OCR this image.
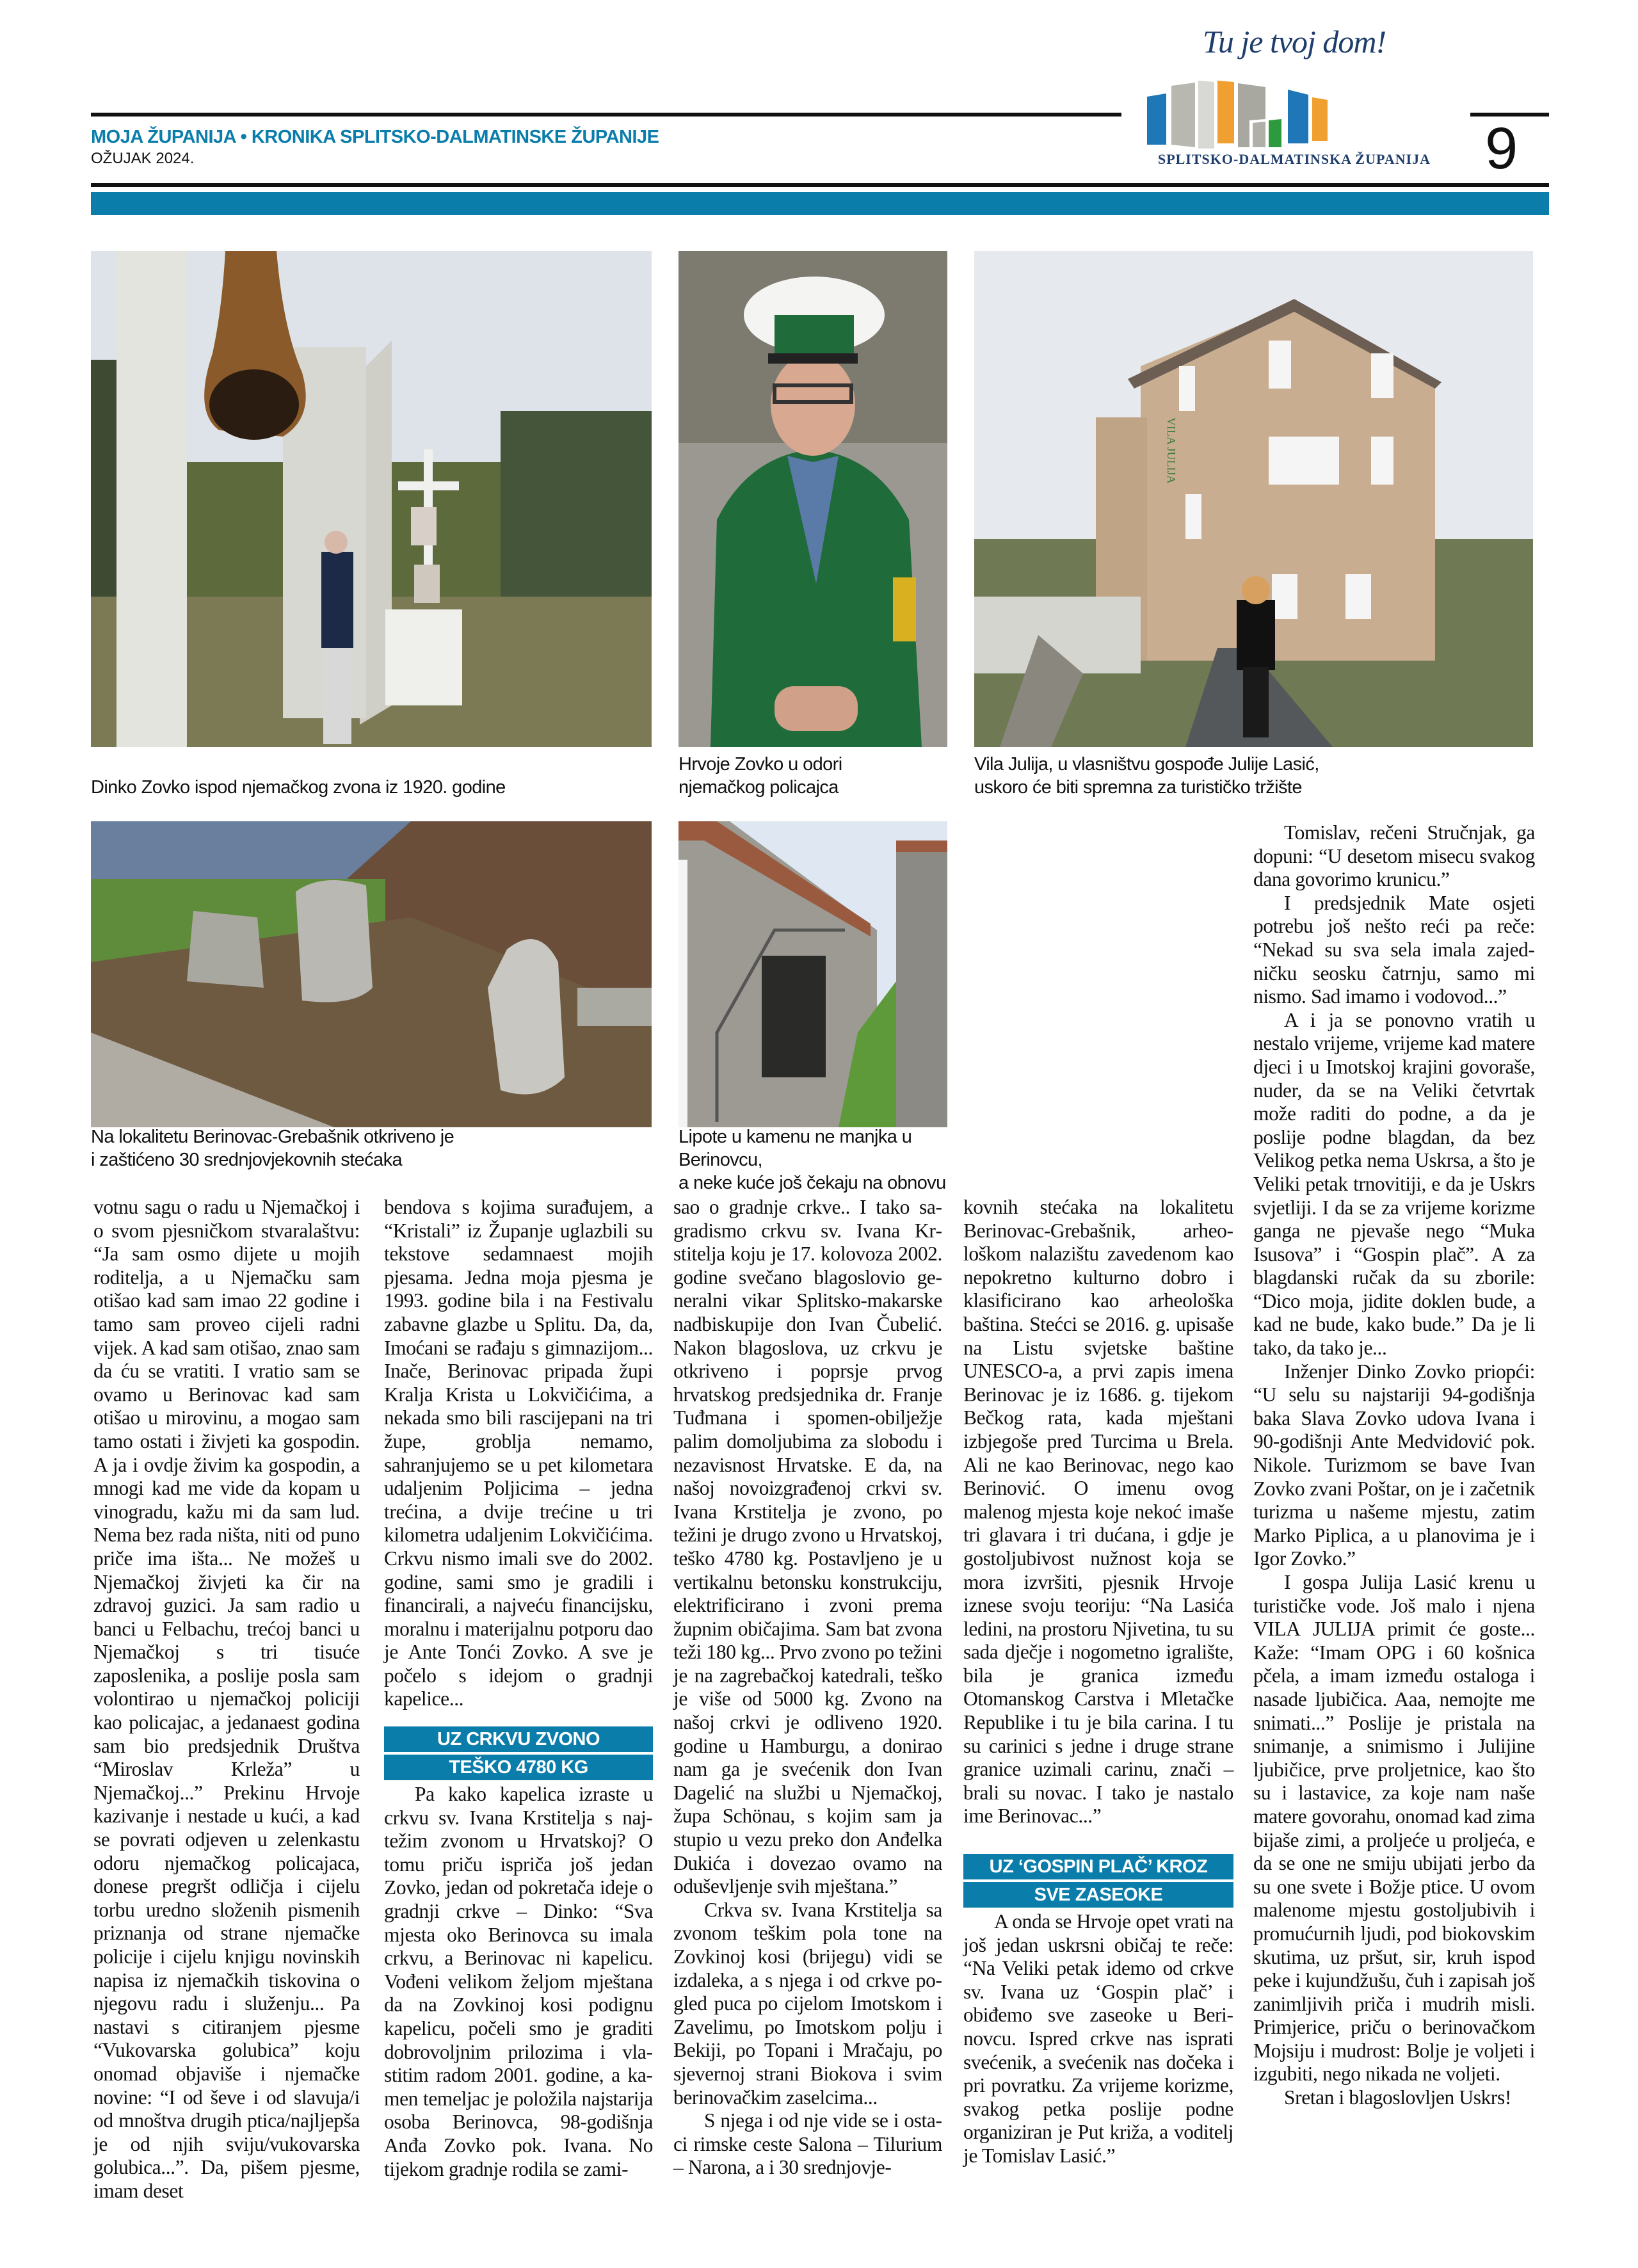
MOJA ŽUPANIJA • KRONIKA SPLITSKO-DALMATINSKE ŽUPANIJE
OŽUJAK 2024.	9
Tu je tvoj dom!
SPLITSKO-DALMATINSKA ŽUPANIJA
VILA JULIJA
Dinko Zovko ispod njemačkog zvona iz 1920. godine
Hrvoje Zovko u odori
njemačkog policajca
Vila Julija, u vlasništvu gospođe Julije Lasić,
uskoro će biti spremna za turističko tržište
Na lokalitetu Berinovac-Grebašnik otkriveno je
i zaštićeno 30 srednjovjekovnih stećaka
Lipote u kamenu ne manjka u Berinovcu,
a neke kuće još čekaju na obnovu

Tomislav, rečeni Stručnjak, ga dopuni: “U desetom misecu svakog dana govorimo krunicu.”

I predsjednik Mate osjeti potrebu još nešto reći pa reče: “Nekad su sva sela imala zajedničku seosku čatrnju, samo mi nismo. Sad imamo i vodovod...”

A i ja se ponovno vratih u nestalo vrijeme, vrijeme kad matere djeci i u Imotskoj krajini govoraše, nuder, da se na Veliki četvrtak može raditi do podne, a da je poslije podne blagdan, da bez Velikog petka nema Uskrsa, a što je Veliki petak trnovitiji, e da je Uskrs svjetliji. I da se za vrijeme korizme ganga ne pjevaše nego “Muka Isusova” i “Gospin plač”. A za blagdanski ručak da su zborile: “Dico moja, jidite doklen bude, a kad ne bude, kako bude.” Da je li tako, da tako je...

Inženjer Dinko Zovko priopći: “U selu su najstariji 94-godišnja baka Slava Zovko udova Ivana i 90-godišnji Ante Medvidović pok. Nikole. Turizmom se bave Ivan Zovko zvani Poštar, on je i začetnik turizma u našeme mjestu, zatim Marko Piplica, a u planovima je i Igor Zovko.”

I gospa Julija Lasić krenu u turističke vode. Još malo i njena VILA JULIJA primit će goste... Kaže: “Imam OPG i 60 košnica pčela, a imam između ostaloga i nasade ljubičica. Aaa, nemojte me snimati...” Poslije je pristala na snimanje, a snimismo i Julijine ljubičice, prve proljetnice, kao što su i lastavice, za koje nam naše matere govorahu, onomad kad zima bijaše zimi, a proljeće u proljeća, e da se one ne smiju ubijati jerbo da su one svete i Božje ptice. U ovom malenome mjestu gostoljubivih i promućurnih ljudi, pod biokovskim skutima, uz pršut, sir, kruh ispod peke i kujundžušu, čuh i zapisah još zanimljivih priča i mudrih misli. Primjerice, priču o berinovačkom Mojsiju i mudrost: Bolje je voljeti i izgubiti, nego nikada ne voljeti.

Sretan i blagoslovljen Uskrs!

votnu sagu o radu u Njemačkoj i o svom pjesničkom stvaralaštvu: “Ja sam osmo dijete u mojih roditelja, a u Njemačku sam otišao kad sam imao 22 godine i tamo sam proveo cijeli radni vijek. A kad sam otišao, znao sam da ću se vratiti. I vratio sam se ovamo u Berinovac kad sam otišao u mirovinu, a mogao sam tamo ostati i živjeti ka gospodin. A ja i ovdje živim ka gospodin, a mnogi kad me vide da kopam u vinogradu, kažu mi da sam lud. Nema bez rada ništa, niti od puno priče ima išta... Ne možeš u Njemačkoj živjeti ka čir na zdravoj guzici. Ja sam radio u banci u Felbachu, trećoj banci u Njemačkoj s tri tisuće zaposlenika, a poslije posla sam volontirao u njemačkoj policiji kao policajac, a jedanaest godina sam bio predsjednik Društva “Miroslav Krleža” u Njemačkoj...” Prekinu Hrvoje kazivanje i nestade u kući, a kad se povrati odjeven u zelenkastu odoru njemačkog policajaca, donese pregršt odličja i cijelu torbu uredno složenih pismenih priznanja od strane njemačke policije i cijelu knjigu novinskih napisa iz njemačkih tiskovina o njegovu radu i služenju... Pa nastavi s citiranjem pjesme “Vukovarska golubica” koju onomad objaviše i njemačke novine: “I od ševe i od slavuja/i od mnoštva drugih ptica/najljepša je od njih sviju/vukovarska golubica...”. Da, pišem pjesme, imam deset

bendova s kojima surađujem, a “Kristali” iz Županje uglazbili su tekstove sedamnaest mojih pjesama. Jedna moja pjesma je 1993. godine bila i na Festivalu zabavne glazbe u Splitu. Da, da, Imoćani se rađaju s gimnazijom... Inače, Berinovac pripada župi Kralja Krista u Lokvičićima, a nekada smo bili rascijepani na tri župe, groblja nemamo, sahranjujemo se u pet kilometara udaljenim Poljicima – jedna trećina, a dvije trećine u tri kilometra udaljenim Lokvičićima. Crkvu nismo imali sve do 2002. godine, sami smo je gradili i financirali, a najveću financijsku, moralnu i materijalnu potporu dao je Ante Tonći Zovko. A sve je počelo s idejom o gradnji kapelice...

UZ CRKVU ZVONO
TEŠKO 4780 KG

Pa kako kapelica izraste u crkvu sv. Ivana Krstitelja s najtežim zvonom u Hrvatskoj? O tomu priču ispriča još jedan Zovko, jedan od pokretača ideje o gradnji crkve – Dinko: “Sva mjesta oko Berinovca su imala crkvu, a Berinovac ni kapelicu. Vođeni velikom željom mještana da na Zovkinoj kosi podignu kapelicu, počeli smo je graditi dobrovoljnim prilozima i vlastitim radom 2001. godine, a kamen temeljac je položila najstarija osoba Berinovca, 98-godišnja Anđa Zovko pok. Ivana. No tijekom gradnje rodila se zami-

sao o gradnje crkve.. I tako sagradismo crkvu sv. Ivana Krstitelja koju je 17. kolovoza 2002. godine svečano blagoslovio generalni vikar Splitsko-makarske nadbiskupije don Ivan Čubelić. Nakon blagoslova, uz crkvu je otkriveno i poprsje prvog hrvatskog predsjednika dr. Franje Tuđmana i spomen-obilježje palim domoljubima za slobodu i nezavisnost Hrvatske. E da, na našoj novoizgrađenoj crkvi sv. Ivana Krstitelja je zvono, po težini je drugo zvono u Hrvatskoj, teško 4780 kg. Postavljeno je u vertikalnu betonsku konstrukciju, elektrificirano i zvoni prema župnim običajima. Sam bat zvona teži 180 kg... Prvo zvono po težini je na zagrebačkoj katedrali, teško je više od 5000 kg. Zvono na našoj crkvi je odliveno 1920. godine u Hamburgu, a donirao nam ga je svećenik don Ivan Dagelić na službi u Njemačkoj, župa Schönau, s kojim sam ja stupio u vezu preko don Anđelka Dukića i dovezao ovamo na oduševljenje svih mještana.”

Crkva sv. Ivana Krstitelja sa zvonom teškim pola tone na Zovkinoj kosi (brijegu) vidi se izdaleka, a s njega i od crkve pogled puca po cijelom Imotskom i Zavelimu, po Imotskom polju i Bekiji, po Topani i Mračaju, po sjevernoj strani Biokova i svim berinovačkim zaselcima...

S njega i od nje vide se i ostaci rimske ceste Salona – Tilurium – Narona, a i 30 srednjovje-

kovnih stećaka na lokalitetu Berinovac-Grebašnik, arheološkom nalazištu zavedenom kao nepokretno kulturno dobro i klasificirano kao arheološka baština. Stećci se 2016. g. upisaše na Listu svjetske baštine UNESCO-a, a prvi zapis imena Berinovac je iz 1686. g. tijekom Bečkog rata, kada mještani izbjegoše pred Turcima u Brela. Ali ne kao Berinovac, nego kao Berinović. O imenu ovog malenog mjesta koje nekoć imaše tri glavara i tri dućana, i gdje je gostoljubivost nužnost koja se mora izvršiti, pjesnik Hrvoje iznese svoju teoriju: “Na Lasića ledini, na prostoru Njivetina, tu su sada dječje i nogometno igralište, bila je granica između Otomanskog Carstva i Mletačke Republike i tu je bila carina. I tu su carinici s jedne i druge strane granice uzimali carinu, znači – brali su novac. I tako je nastalo ime Berinovac...”

UZ ‘GOSPIN PLAČ’ KROZ
SVE ZASEOKE

A onda se Hrvoje opet vrati na još jedan uskrsni običaj te reče: “Na Veliki petak idemo od crkve sv. Ivana uz ‘Gospin plač’ i obiđemo sve zaseoke u Berinovcu. Ispred crkve nas isprati svećenik, a svećenik nas dočeka i pri povratku. Za vrijeme korizme, svakog petka poslije podne organiziran je Put križa, a voditelj je Tomislav Lasić.”
